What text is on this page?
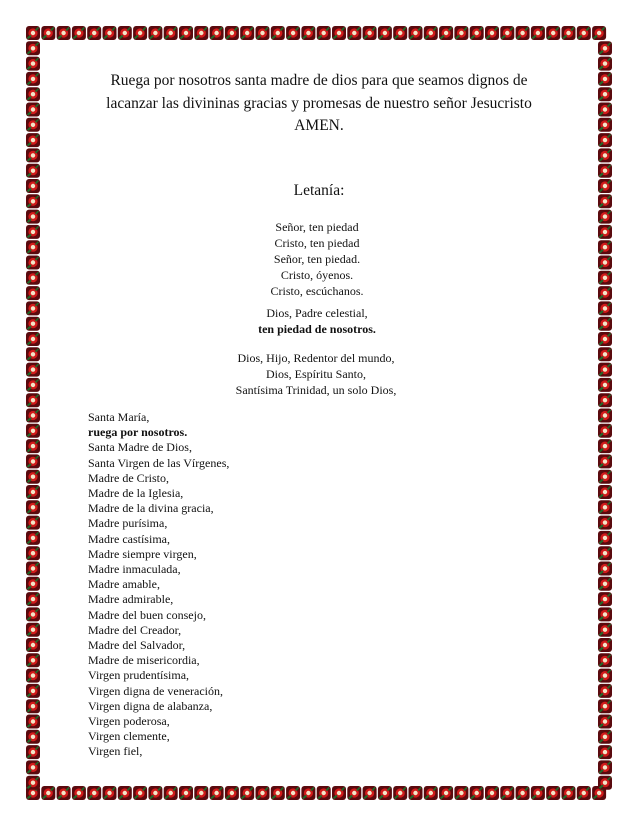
Ruega por nosotros santa madre de dios para que seamos dignos de
lacanzar las divininas gracias y promesas de nuestro señor Jesucristo
AMEN.
Letanía:
Señor, ten piedad
Cristo, ten piedad
Señor, ten piedad.
Cristo, óyenos.
Cristo, escúchanos.
Dios, Padre celestial,
ten piedad de nosotros.
Dios, Hijo, Redentor del mundo,
Dios, Espíritu Santo,
Santísima Trinidad, un solo Dios,
Santa María,
ruega por nosotros.
Santa Madre de Dios,
Santa Virgen de las Vírgenes,
Madre de Cristo,
Madre de la Iglesia,
Madre de la divina gracia,
Madre purísima,
Madre castísima,
Madre siempre virgen,
Madre inmaculada,
Madre amable,
Madre admirable,
Madre del buen consejo,
Madre del Creador,
Madre del Salvador,
Madre de misericordia,
Virgen prudentísima,
Virgen digna de veneración,
Virgen digna de alabanza,
Virgen poderosa,
Virgen clemente,
Virgen fiel,
